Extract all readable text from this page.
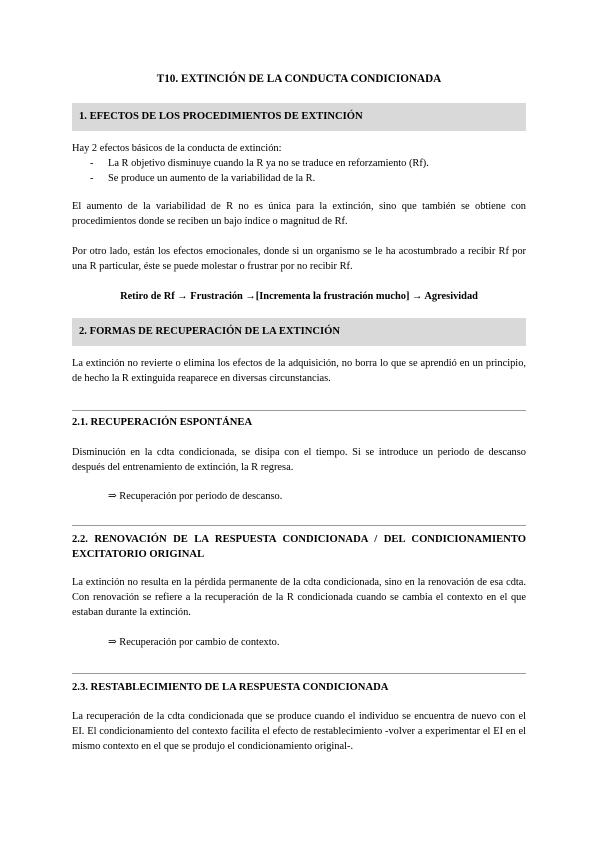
T10. EXTINCIÓN DE LA CONDUCTA CONDICIONADA
1. EFECTOS DE LOS PROCEDIMIENTOS DE EXTINCIÓN

Hay 2 efectos básicos de la conducta de extinción:

- La R objetivo disminuye cuando la R ya no se traduce en reforzamiento (Rf).
- Se produce un aumento de la variabilidad de la R.
El aumento de la variabilidad de R no es única para la extinción, sino que también se obtiene con procedimientos donde se reciben un bajo índice o magnitud de Rf.
Por otro lado, están los efectos emocionales, donde si un organismo se le ha acostumbrado a recibir Rf por una R particular, éste se puede molestar o frustrar por no recibir Rf.
Retiro de Rf → Frustración →[Incrementa la frustración mucho] → Agresividad
2. FORMAS DE RECUPERACIÓN DE LA EXTINCIÓN
La extinción no revierte o elimina los efectos de la adquisición, no borra lo que se aprendió en un principio, de hecho la R extinguida reaparece en diversas circunstancias.
2.1. RECUPERACIÓN ESPONTÁNEA
Disminución en la cdta condicionada, se disipa con el tiempo. Si se introduce un periodo de descanso después del entrenamiento de extinción, la R regresa.
⇒ Recuperación por periodo de descanso.
2.2. RENOVACIÓN DE LA RESPUESTA CONDICIONADA / DEL CONDICIONAMIENTO EXCITATORIO ORIGINAL
La extinción no resulta en la pérdida permanente de la cdta condicionada, sino en la renovación de esa cdta. Con renovación se refiere a la recuperación de la R condicionada cuando se cambia el contexto en el que estaban durante la extinción.
⇒ Recuperación por cambio de contexto.
2.3. RESTABLECIMIENTO DE LA RESPUESTA CONDICIONADA
La recuperación de la cdta condicionada que se produce cuando el individuo se encuentra de nuevo con el EI. El condicionamiento del contexto facilita el efecto de restablecimiento -volver a experimentar el EI en el mismo contexto en el que se produjo el condicionamiento original-.
